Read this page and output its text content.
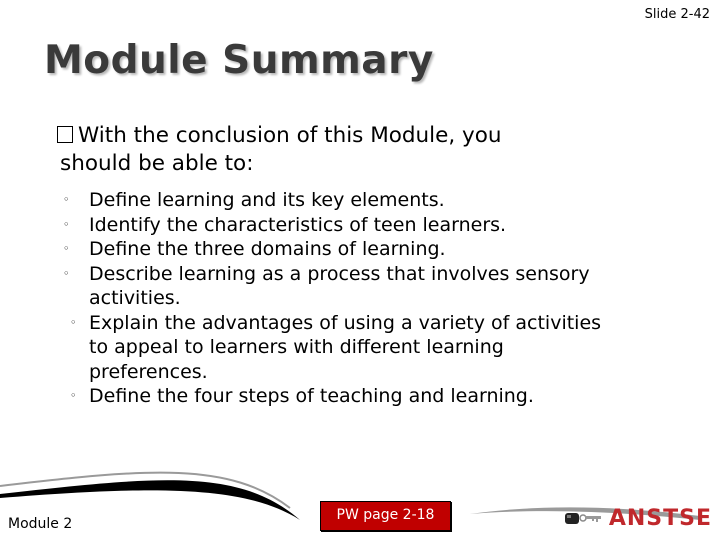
Slide 2-42
Module Summary
With the conclusion of this Module, you
should be able to:
◦ Define learning and its key elements.
◦ Identify the characteristics of teen learners.
◦ Define the three domains of learning.
◦ Describe learning as a process that involves sensory activities.
◦ Explain the advantages of using a variety of activities to appeal to learners with different learning preferences.
◦ Define the four steps of teaching and learning.
Module 2
PW page 2-18	ANSTSE
